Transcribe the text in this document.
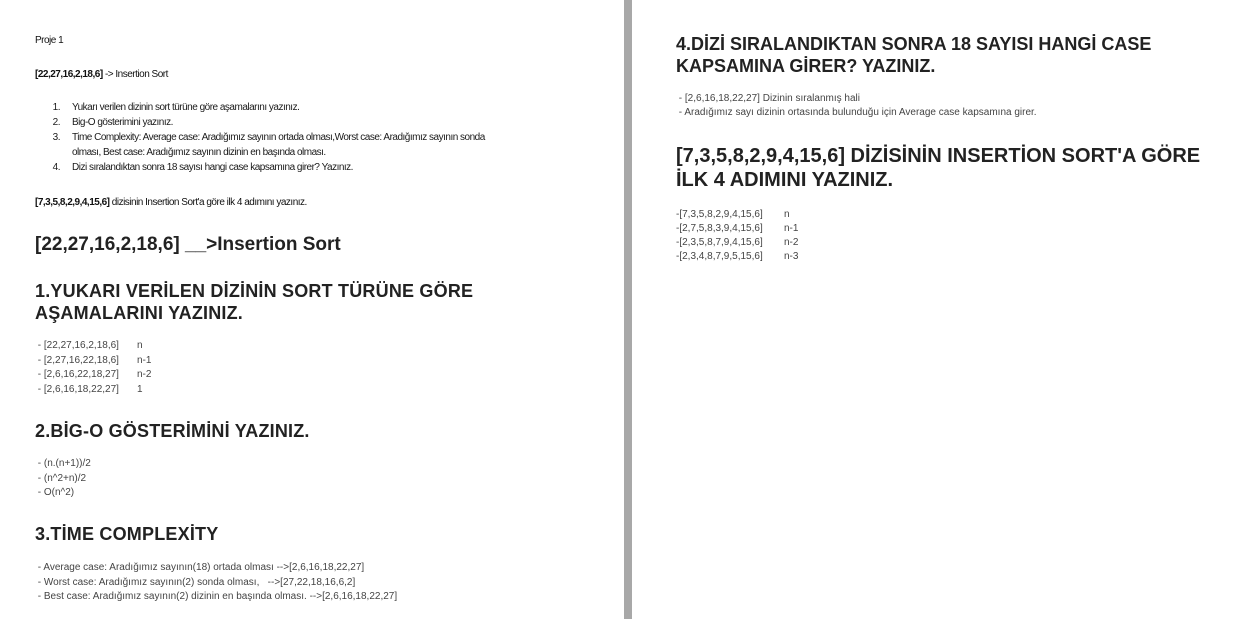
Proje 1
[22,27,16,2,18,6] -> Insertion Sort
1. Yukarı verilen dizinin sort türüne göre aşamalarını yazınız.
2. Big-O gösterimini yazınız.
3. Time Complexity: Average case: Aradığımız sayının ortada olması,Worst case: Aradığımız sayının sonda
olması, Best case: Aradığımız sayının dizinin en başında olması.
4. Dizi sıralandıktan sonra 18 sayısı hangi case kapsamına girer? Yazınız.
[7,3,5,8,2,9,4,15,6] dizisinin Insertion Sort'a göre ilk 4 adımını yazınız.
[22,27,16,2,18,6] __>Insertion Sort
1.YUKARI VERİLEN DİZİNİN SORT TÜRÜNE GÖRE
AŞAMALARINI YAZINIZ.
- [22,27,16,2,18,6] n
- [2,27,16,22,18,6] n-1
- [2,6,16,22,18,27] n-2
- [2,6,16,18,22,27] 1
2.BİG-O GÖSTERİMİNİ YAZINIZ.
- (n.(n+1))/2
- (n^2+n)/2
- O(n^2)
3.TİME COMPLEXİTY
- Average case: Aradığımız sayının(18) ortada olması -->[2,6,16,18,22,27]
- Worst case: Aradığımız sayının(2) sonda olması,   -->[27,22,18,16,6,2]
- Best case: Aradığımız sayının(2) dizinin en başında olması. -->[2,6,16,18,22,27]
4.DİZİ SIRALANDIKTAN SONRA 18 SAYISI HANGİ CASE
KAPSAMINA GİRER? YAZINIZ.
- [2,6,16,18,22,27] Dizinin sıralanmış hali
- Aradığımız sayı dizinin ortasında bulunduğu için Average case kapsamına girer.
[7,3,5,8,2,9,4,15,6] DİZİSİNİN INSERTİON SORT'A GÖRE
İLK 4 ADIMINI YAZINIZ.
-[7,3,5,8,2,9,4,15,6] n
-[2,7,5,8,3,9,4,15,6] n-1
-[2,3,5,8,7,9,4,15,6] n-2
-[2,3,4,8,7,9,5,15,6] n-3
